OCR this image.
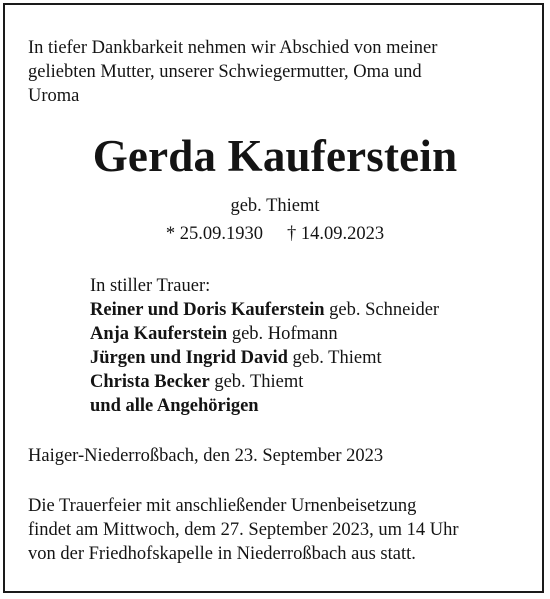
In tiefer Dankbarkeit nehmen wir Abschied von meiner
geliebten Mutter, unserer Schwiegermutter, Oma und
Uroma
Gerda Kauferstein
geb. Thiemt
* 25.09.1930 † 14.09.2023
In stiller Trauer:
Reiner und Doris Kauferstein geb. Schneider
Anja Kauferstein geb. Hofmann
Jürgen und Ingrid David geb. Thiemt
Christa Becker geb. Thiemt
und alle Angehörigen
Haiger-Niederroßbach, den 23. September 2023
Die Trauerfeier mit anschließender Urnenbeisetzung
findet am Mittwoch, dem 27. September 2023, um 14 Uhr
von der Friedhofskapelle in Niederroßbach aus statt.
